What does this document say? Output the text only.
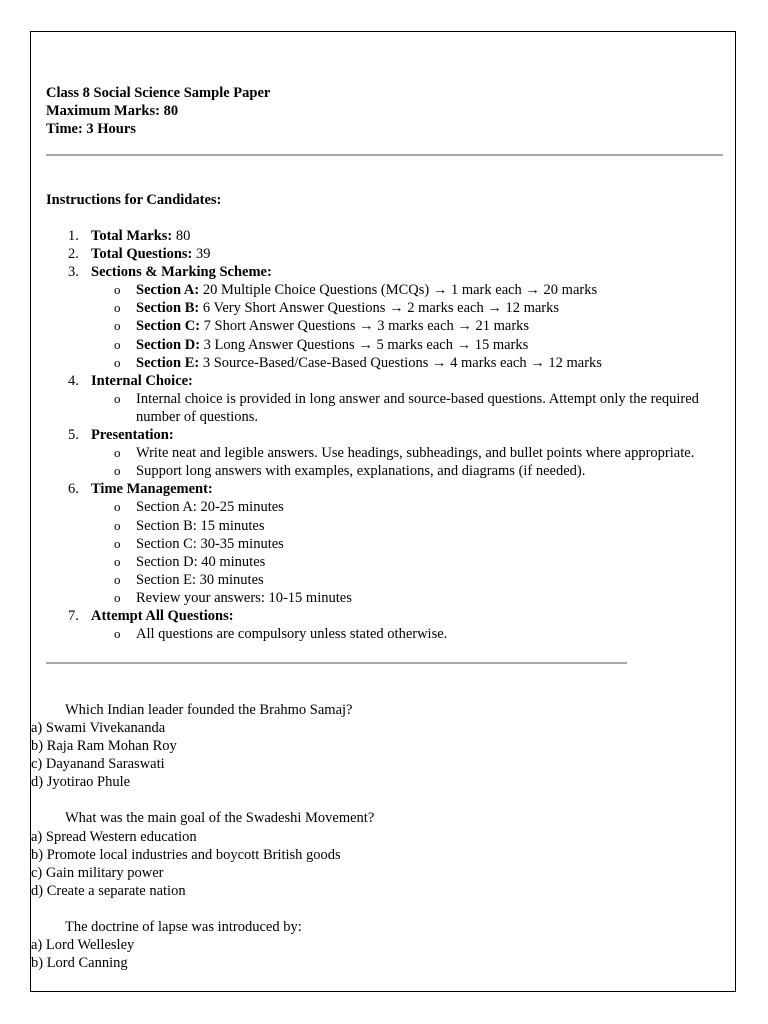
Class 8 Social Science Sample Paper
Maximum Marks: 80
Time: 3 Hours
Instructions for Candidates:
1. Total Marks: 80
2. Total Questions: 39
3. Sections & Marking Scheme:
o Section A: 20 Multiple Choice Questions (MCQs) → 1 mark each → 20 marks
o Section B: 6 Very Short Answer Questions → 2 marks each → 12 marks
o Section C: 7 Short Answer Questions → 3 marks each → 21 marks
o Section D: 3 Long Answer Questions → 5 marks each → 15 marks
o Section E: 3 Source-Based/Case-Based Questions → 4 marks each → 12 marks
4. Internal Choice:
o Internal choice is provided in long answer and source-based questions. Attempt only the required number of questions.
5. Presentation:
o Write neat and legible answers. Use headings, subheadings, and bullet points where appropriate.
o Support long answers with examples, explanations, and diagrams (if needed).
6. Time Management:
o Section A: 20-25 minutes
o Section B: 15 minutes
o Section C: 30-35 minutes
o Section D: 40 minutes
o Section E: 30 minutes
o Review your answers: 10-15 minutes
7. Attempt All Questions:
o All questions are compulsory unless stated otherwise.
Which Indian leader founded the Brahmo Samaj?
a) Swami Vivekananda
b) Raja Ram Mohan Roy
c) Dayanand Saraswati
d) Jyotirao Phule
What was the main goal of the Swadeshi Movement?
a) Spread Western education
b) Promote local industries and boycott British goods
c) Gain military power
d) Create a separate nation
The doctrine of lapse was introduced by:
a) Lord Wellesley
b) Lord Canning
